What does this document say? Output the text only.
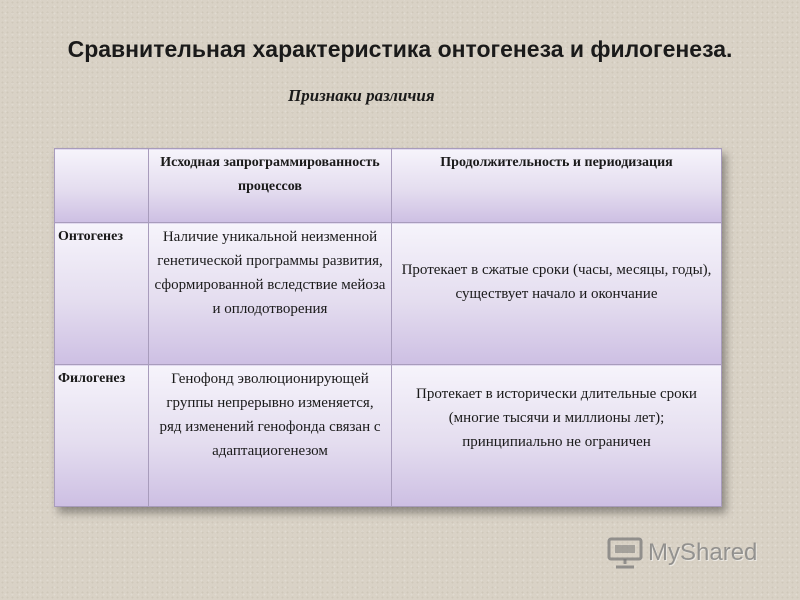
Сравнительная характеристика онтогенеза и филогенеза.
Признаки различия
	Исходная запрограммированность процессов	Продолжительность и периодизация
Онтогенез	Наличие уникальной неизменной генетической программы развития, сформированной вследствие мейоза и оплодотворения	Протекает в сжатые сроки (часы, месяцы, годы), существует начало и окончание
Филогенез	Генофонд эволюционирующей группы непрерывно изменяется, ряд изменений генофонда связан с адаптациогенезом	Протекает в исторически длительные сроки (многие тысячи и миллионы лет); принципиально не ограничен
MyShared
